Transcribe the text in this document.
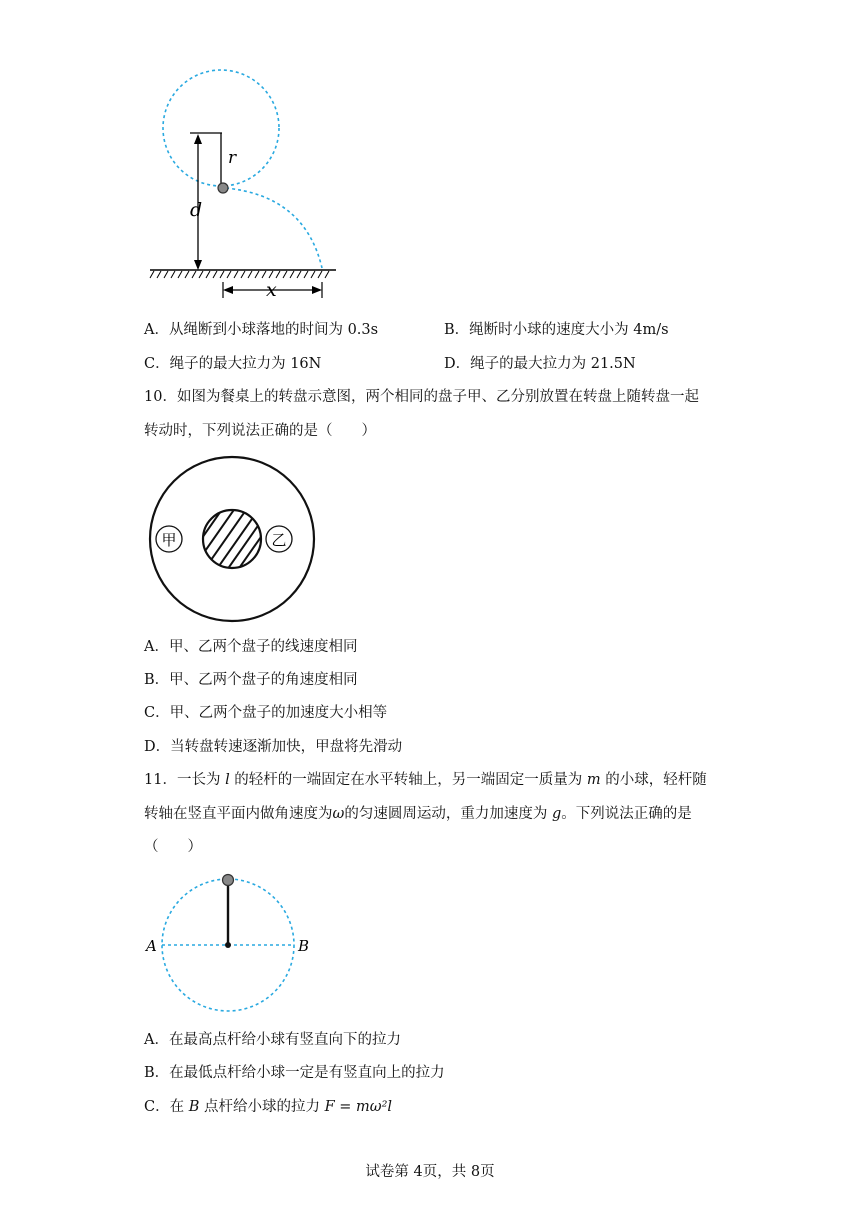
r
d
x
A．从绳断到小球落地的时间为 0.3s	B．绳断时小球的速度大小为 4m/s
C．绳子的最大拉力为 16N	D．绳子的最大拉力为 21.5N
10．如图为餐桌上的转盘示意图，两个相同的盘子甲、乙分别放置在转盘上随转盘一起
转动时，下列说法正确的是（　　）
甲	乙
A．甲、乙两个盘子的线速度相同
B．甲、乙两个盘子的角速度相同
C．甲、乙两个盘子的加速度大小相等
D．当转盘转速逐渐加快，甲盘将先滑动
11．一长为 l 的轻杆的一端固定在水平转轴上，另一端固定一质量为 m 的小球，轻杆随
转轴在竖直平面内做角速度为ω的匀速圆周运动，重力加速度为 g。下列说法正确的是
（　　）
A	B
A．在最高点杆给小球有竖直向下的拉力
B．在最低点杆给小球一定是有竖直向上的拉力
C．在 B 点杆给小球的拉力 F = mω²l
试卷第 4页，共 8页
